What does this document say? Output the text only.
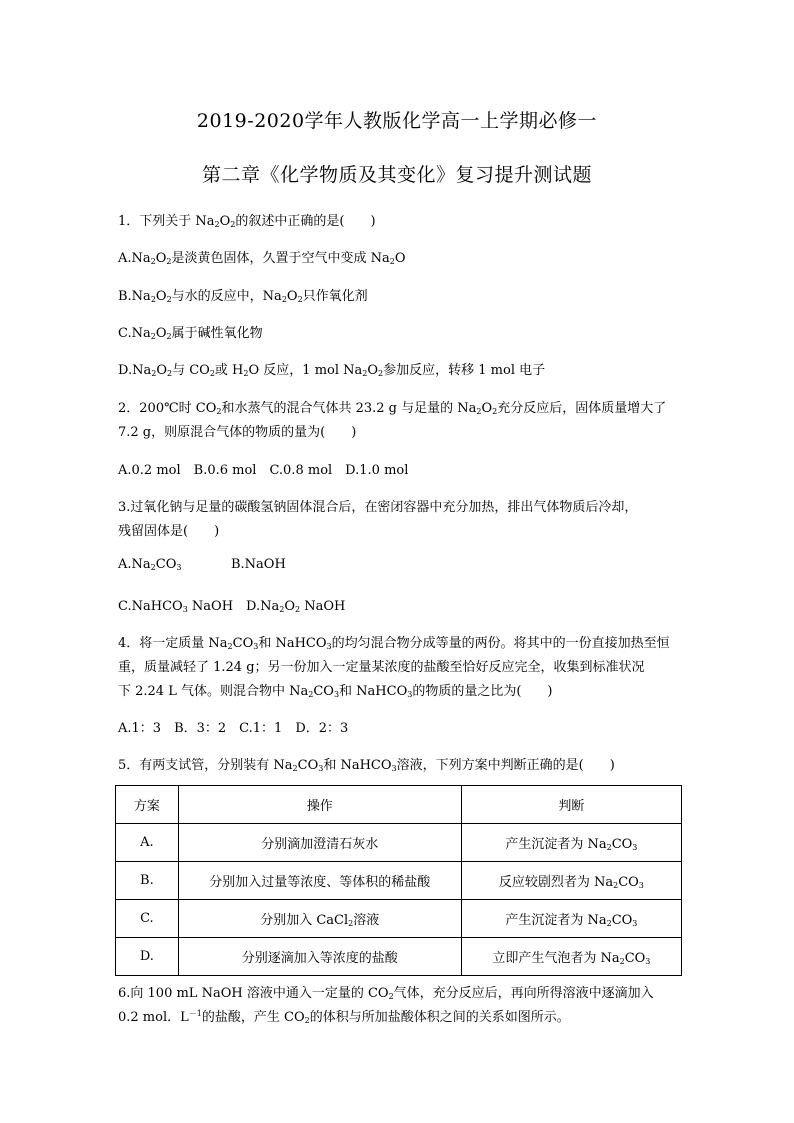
2019-2020学年人教版化学高一上学期必修一
第二章《化学物质及其变化》复习提升测试题
1．下列关于 $Na_2O_2$的叙述中正确的是(　　)
$A.Na_2O_2$是淡黄色固体，久置于空气中变成 $Na_2O$
$B.Na_2O_2$与水的反应中，$Na_2O_2$只作氧化剂
$C.Na_2O_2$属于碱性氧化物
$D.Na_2O_2$与 $CO_2$或 $H_2O$ 反应，1 mol $Na_2O_2$参加反应，转移 1 mol 电子
2．200℃时 $CO_2$和水蒸气的混合气体共 23.2 g 与足量的 $Na_2O_2$充分反应后，固体质量增大了
7.2 g，则原混合气体的物质的量为(　　)
A.0.2 mol　B.0.6 mol　C.0.8 mol　D.1.0 mol
3.过氧化钠与足量的碳酸氢钠固体混合后，在密闭容器中充分加热，排出气体物质后冷却，
残留固体是(　　)
$A.Na_2CO_3$	B.NaOH
C.NaHCO$_3$ NaOH　$D.Na_2O_2$ NaOH
4．将一定质量 $Na_2CO_3$和 NaHCO$_3$的均匀混合物分成等量的两份。将其中的一份直接加热至恒
重，质量减轻了 1.24 g；另一份加入一定量某浓度的盐酸至恰好反应完全，收集到标准状况
下 2.24 L 气体。则混合物中 $Na_2CO_3$和 NaHCO$_3$的物质的量之比为(　　)
A.1：3　B．3：2　C.1：1　D．2：3
5．有两支试管，分别装有 $Na_2CO_3$和 NaHCO$_3$溶液，下列方案中判断正确的是(　　)
方案	操作	判断
A.	分别滴加澄清石灰水	产生沉淀者为 $Na_2CO_3$
B.	分别加入过量等浓度、等体积的稀盐酸	反应较剧烈者为 $Na_2CO_3$
C.	分别加入 CaCl$_2$溶液	产生沉淀者为 $Na_2CO_3$
D.	分别逐滴加入等浓度的盐酸	立即产生气泡者为 $Na_2CO_3$
6.向 100 mL NaOH 溶液中通入一定量的 $CO_2$气体，充分反应后，再向所得溶液中逐滴加入
0.2 mol．$L^{-1}$的盐酸，产生 $CO_2$的体积与所加盐酸体积之间的关系如图所示。
